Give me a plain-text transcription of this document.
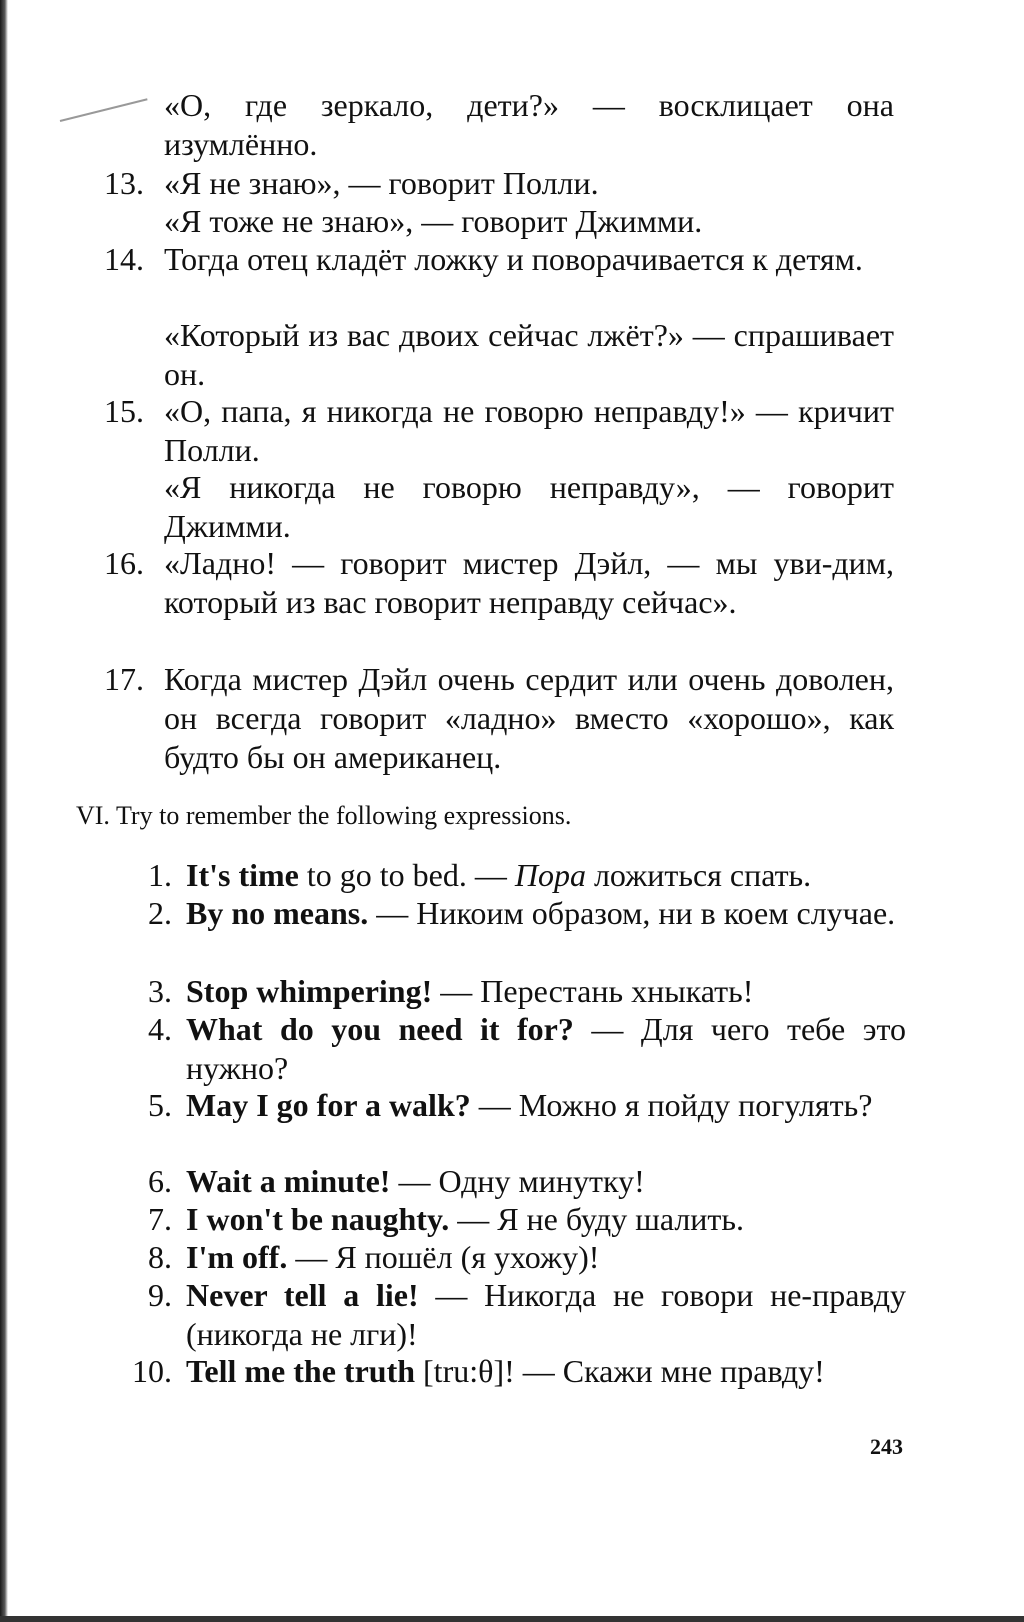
«О, где зеркало, дети?» — восклицает она изумлённо.
13. «Я не знаю», — говорит Полли.
«Я тоже не знаю», — говорит Джимми.
14. Тогда отец кладёт ложку и поворачивается к детям.
«Который из вас двоих сейчас лжёт?» — спрашивает он.
15. «О, папа, я никогда не говорю неправду!» — кричит Полли.
«Я никогда не говорю неправду», — говорит Джимми.
16. «Ладно! — говорит мистер Дэйл, — мы уви-дим, который из вас говорит неправду сейчас».
17. Когда мистер Дэйл очень сердит или очень доволен, он всегда говорит «ладно» вместо «хорошо», как будто бы он американец.
VI. Try to remember the following expressions.
1. It's time to go to bed. — Пора ложиться спать.
2. By no means. — Никоим образом, ни в коем случае.
3. Stop whimpering! — Перестань хныкать!
4. What do you need it for? — Для чего тебе это нужно?
5. May I go for a walk? — Можно я пойду погулять?
6. Wait a minute! — Одну минутку!
7. I won't be naughty. — Я не буду шалить.
8. I'm off. — Я пошёл (я ухожу)!
9. Never tell a lie! — Никогда не говори не-правду (никогда не лги)!
10. Tell me the truth [tru:θ]! — Скажи мне правду!
243
